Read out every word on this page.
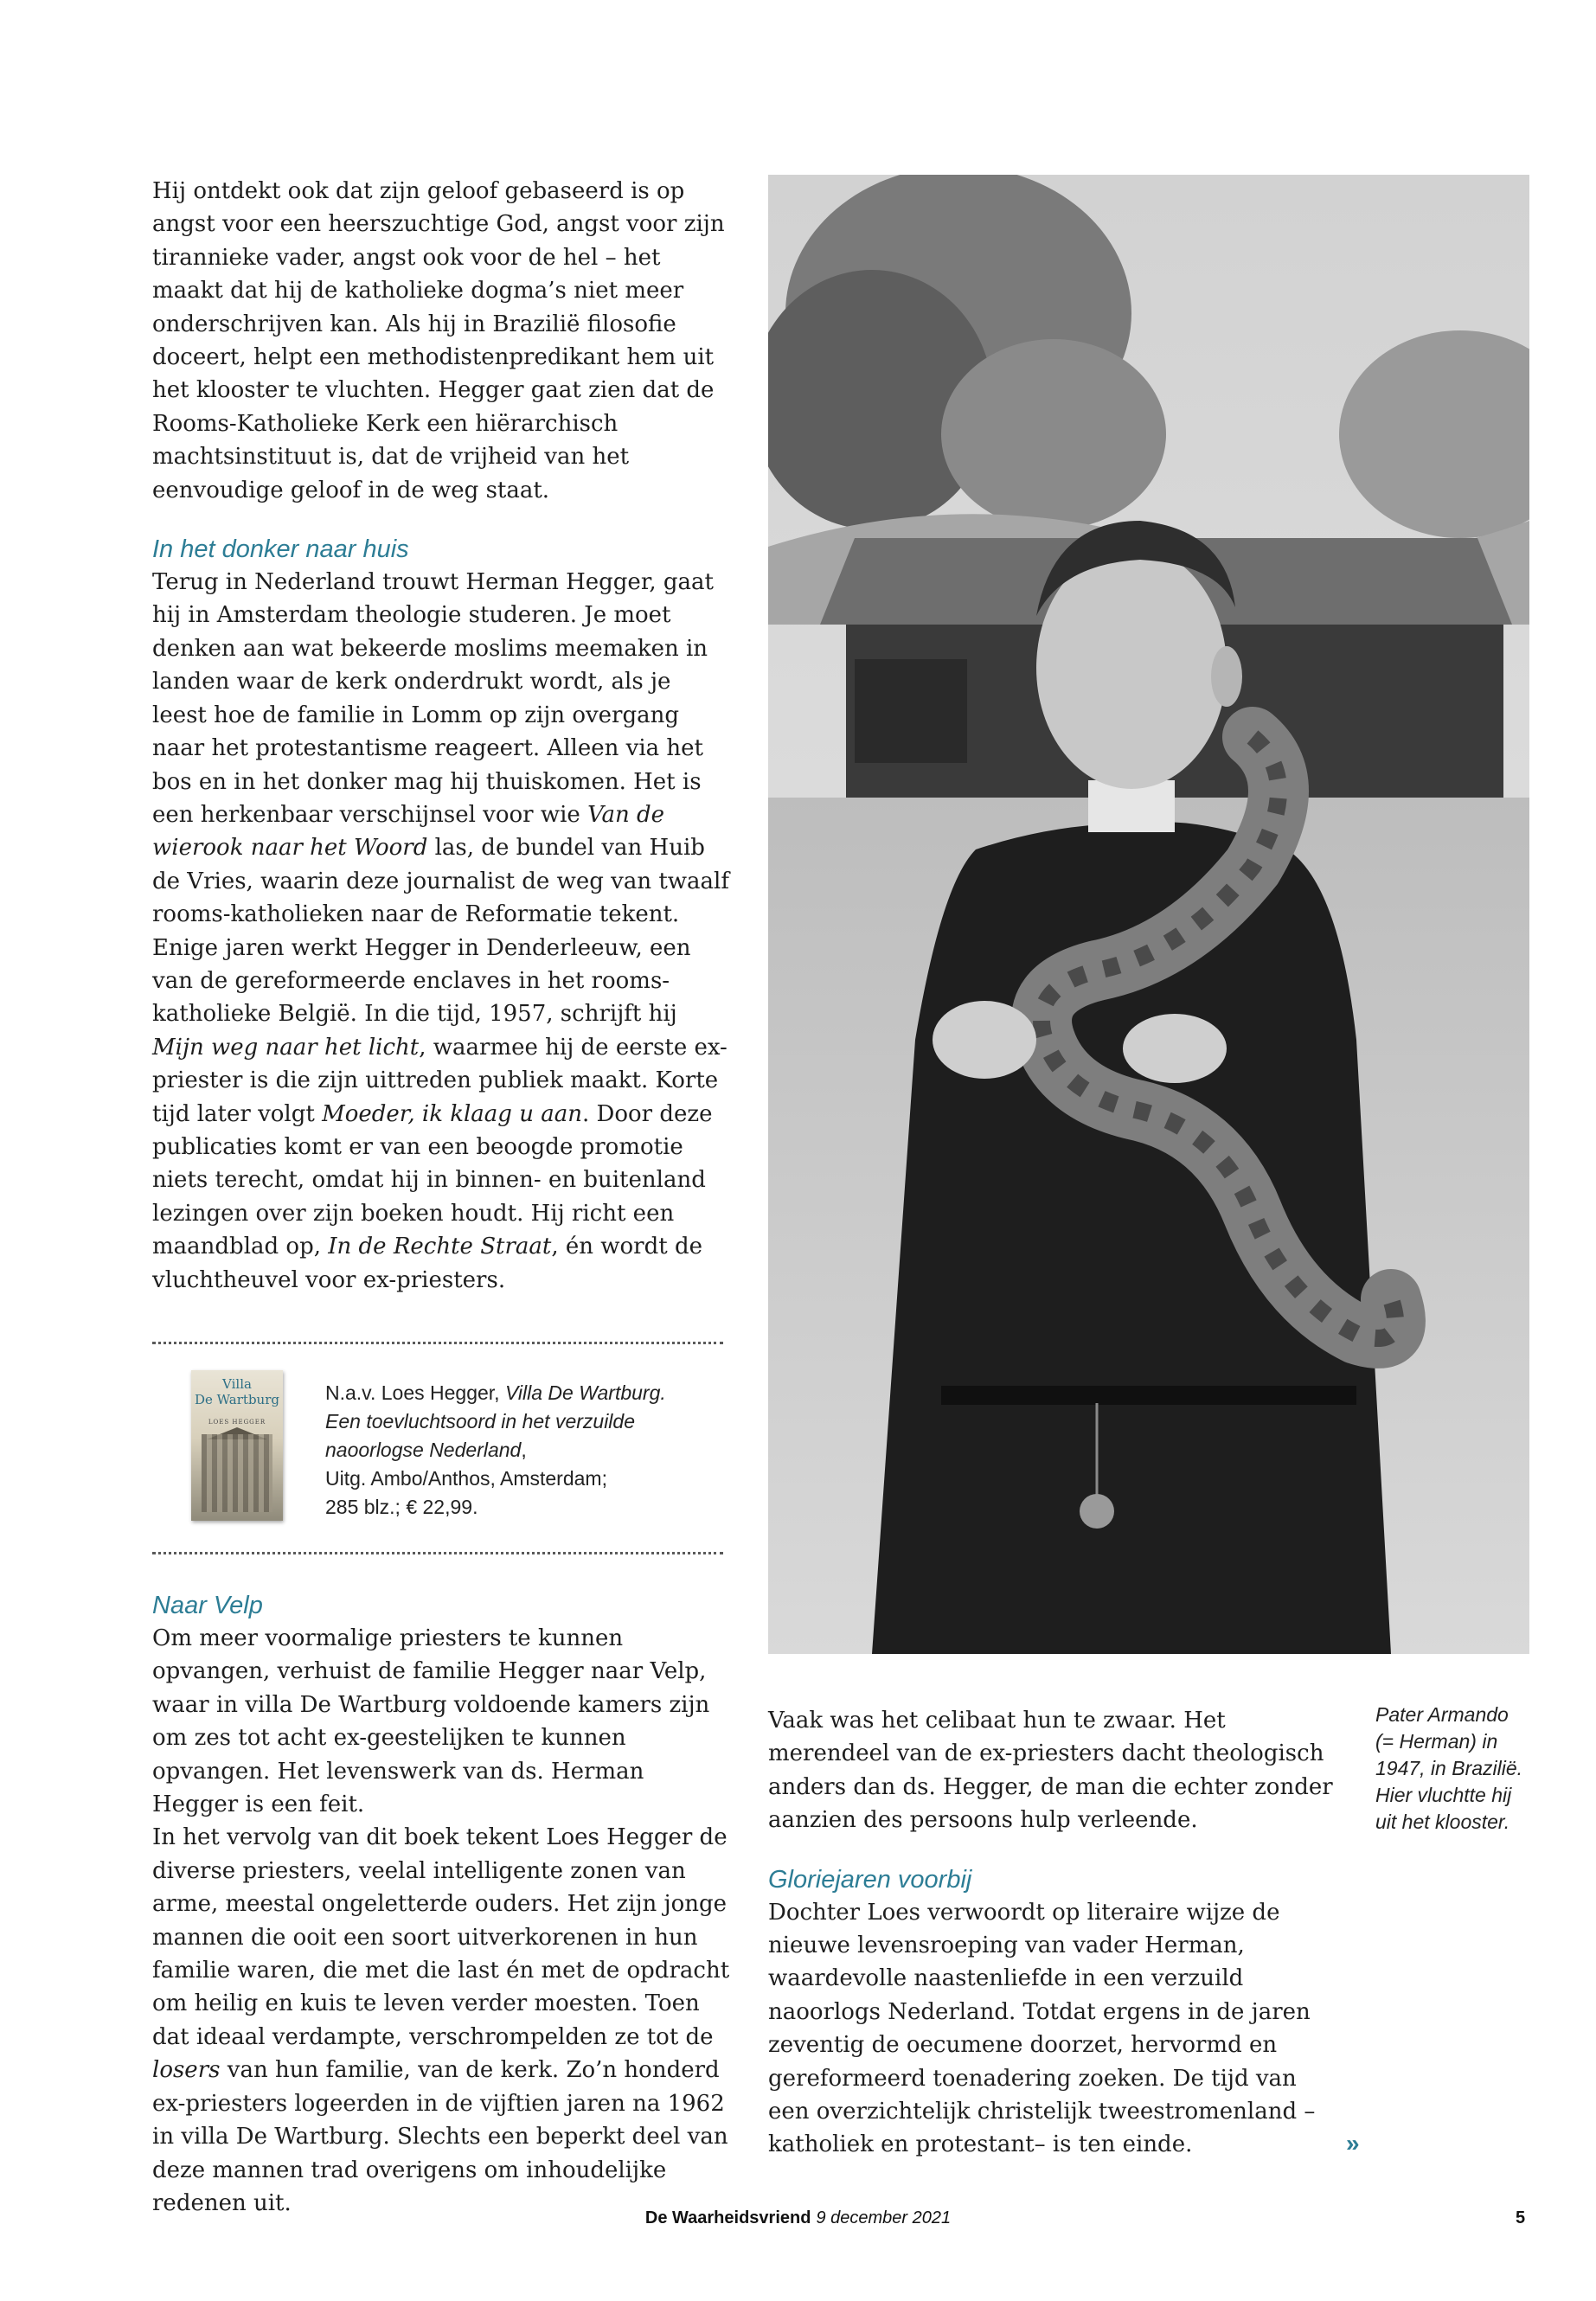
Hij ontdekt ook dat zijn geloof gebaseerd is op angst voor een heerszuchtige God, angst voor zijn tirannieke vader, angst ook voor de hel – het maakt dat hij de katholieke dogma’s niet meer onderschrijven kan. Als hij in Brazilië filosofie doceert, helpt een methodistenpredikant hem uit het klooster te vluchten. Hegger gaat zien dat de Rooms-Katholieke Kerk een hiërarchisch machtsinstituut is, dat de vrijheid van het eenvoudige geloof in de weg staat.

In het donker naar huis

Terug in Nederland trouwt Herman Hegger, gaat hij in Amsterdam theologie studeren. Je moet denken aan wat bekeerde moslims meemaken in landen waar de kerk onderdrukt wordt, als je leest hoe de familie in Lomm op zijn overgang naar het protestantisme reageert. Alleen via het bos en in het donker mag hij thuiskomen. Het is een herkenbaar verschijnsel voor wie Van de wierook naar het Woord las, de bundel van Huib de Vries, waarin deze journalist de weg van twaalf rooms-katholieken naar de Reformatie tekent.

Enige jaren werkt Hegger in Denderleeuw, een van de gereformeerde enclaves in het rooms-katholieke België. In die tijd, 1957, schrijft hij Mijn weg naar het licht, waarmee hij de eerste ex-priester is die zijn uittreden publiek maakt. Korte tijd later volgt Moeder, ik klaag u aan. Door deze publicaties komt er van een beoogde promotie niets terecht, omdat hij in binnen- en buitenland lezingen over zijn boeken houdt. Hij richt een maandblad op, In de Rechte Straat, én wordt de vluchtheuvel voor ex-priesters.

Villa
De Wartburg
LOES HEGGER
N.a.v. Loes Hegger, Villa De Wartburg.
Een toevluchtsoord in het verzuilde
naoorlogse Nederland,
Uitg. Ambo/Anthos, Amsterdam;
285 blz.; € 22,99.

Naar Velp

Om meer voormalige priesters te kunnen opvangen, verhuist de familie Hegger naar Velp, waar in villa De Wartburg voldoende kamers zijn om zes tot acht ex-geestelijken te kunnen opvangen. Het levenswerk van ds. Herman Hegger is een feit.

In het vervolg van dit boek tekent Loes Hegger de diverse priesters, veelal intelligente zonen van arme, meestal ongeletterde ouders. Het zijn jonge mannen die ooit een soort uitverkorenen in hun familie waren, die met die last én met de opdracht om heilig en kuis te leven verder moesten. Toen dat ideaal verdampte, verschrompelden ze tot de losers van hun familie, van de kerk. Zo’n honderd ex-priesters logeerden in de vijftien jaren na 1962 in villa De Wartburg. Slechts een beperkt deel van deze mannen trad overigens om inhoudelijke redenen uit.

Pater Armando (= Herman) in 1947, in Brazilië. Hier vluchtte hij uit het klooster.

Vaak was het celibaat hun te zwaar. Het merendeel van de ex-priesters dacht theologisch anders dan ds. Hegger, de man die echter zonder aanzien des persoons hulp verleende.

Gloriejaren voorbij

Dochter Loes verwoordt op literaire wijze de nieuwe levensroeping van vader Herman, waardevolle naastenliefde in een verzuild naoorlogs Nederland. Totdat ergens in de jaren zeventig de oecumene doorzet, hervormd en gereformeerd toenadering zoeken. De tijd van een overzichtelijk christelijk tweestromenland – katholiek en protestant– is ten einde.	»
De Waarheidsvriend 9 december 2021	5
